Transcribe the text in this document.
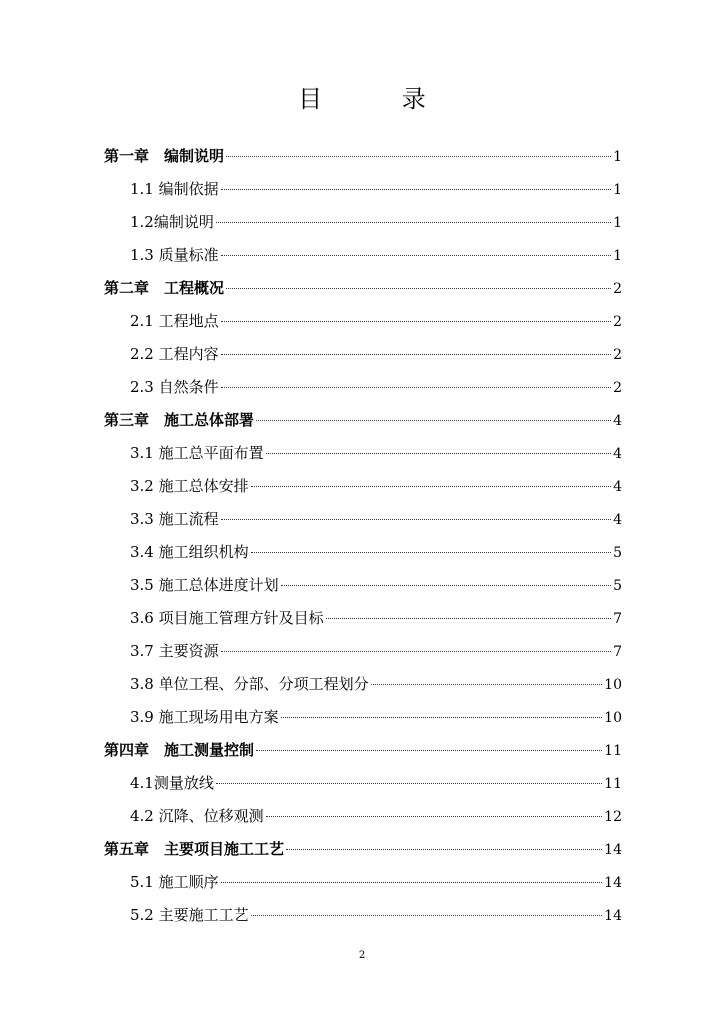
目 录
第一章　编制说明	1
1.1 编制依据	1
1.2编制说明	1
1.3 质量标准	1
第二章　工程概况	2
2.1 工程地点	2
2.2 工程内容	2
2.3 自然条件	2
第三章　施工总体部署	4
3.1 施工总平面布置	4
3.2 施工总体安排	4
3.3 施工流程	4
3.4 施工组织机构	5
3.5 施工总体进度计划	5
3.6 项目施工管理方针及目标	7
3.7 主要资源	7
3.8 单位工程、分部、分项工程划分	10
3.9 施工现场用电方案	10
第四章　施工测量控制	11
4.1测量放线	11
4.2 沉降、位移观测	12
第五章　主要项目施工工艺	14
5.1 施工顺序	14
5.2 主要施工工艺	14
2
